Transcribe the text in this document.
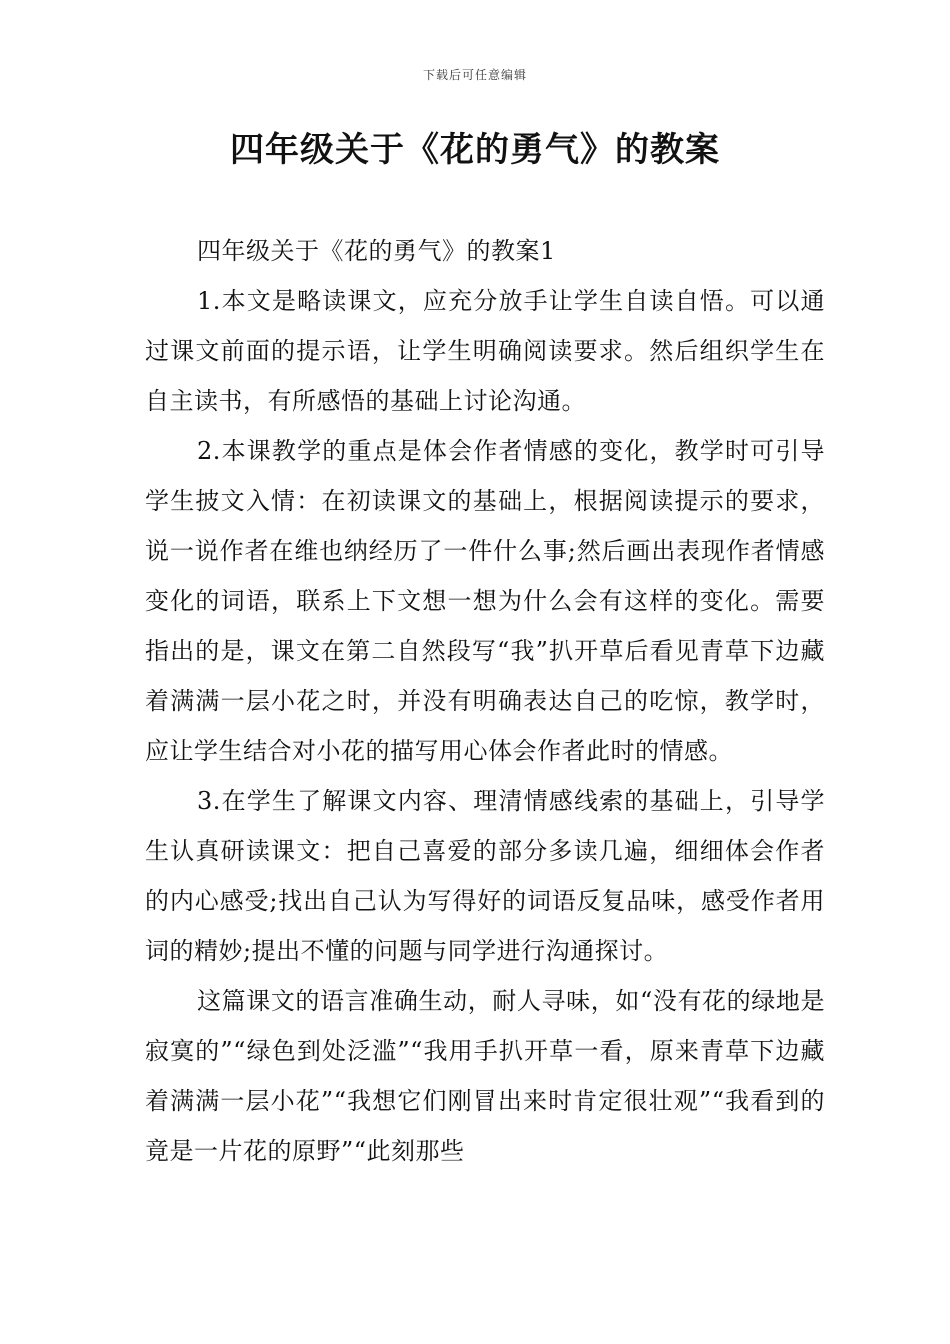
下载后可任意编辑
四年级关于《花的勇气》的教案

四年级关于《花的勇气》的教案1

1.本文是略读课文，应充分放手让学生自读自悟。可以通过课文前面的提示语，让学生明确阅读要求。然后组织学生在自主读书，有所感悟的基础上讨论沟通。

2.本课教学的重点是体会作者情感的变化，教学时可引导学生披文入情：在初读课文的基础上，根据阅读提示的要求，说一说作者在维也纳经历了一件什么事;然后画出表现作者情感变化的词语，联系上下文想一想为什么会有这样的变化。需要指出的是，课文在第二自然段写“我”扒开草后看见青草下边藏着满满一层小花之时，并没有明确表达自己的吃惊，教学时，应让学生结合对小花的描写用心体会作者此时的情感。

3.在学生了解课文内容、理清情感线索的基础上，引导学生认真研读课文：把自己喜爱的部分多读几遍，细细体会作者的内心感受;找出自己认为写得好的词语反复品味，感受作者用词的精妙;提出不懂的问题与同学进行沟通探讨。

这篇课文的语言准确生动，耐人寻味，如“没有花的绿地是寂寞的”“绿色到处泛滥”“我用手扒开草一看，原来青草下边藏着满满一层小花”“我想它们刚冒出来时肯定很壮观”“我看到的竟是一片花的原野”“此刻那些
